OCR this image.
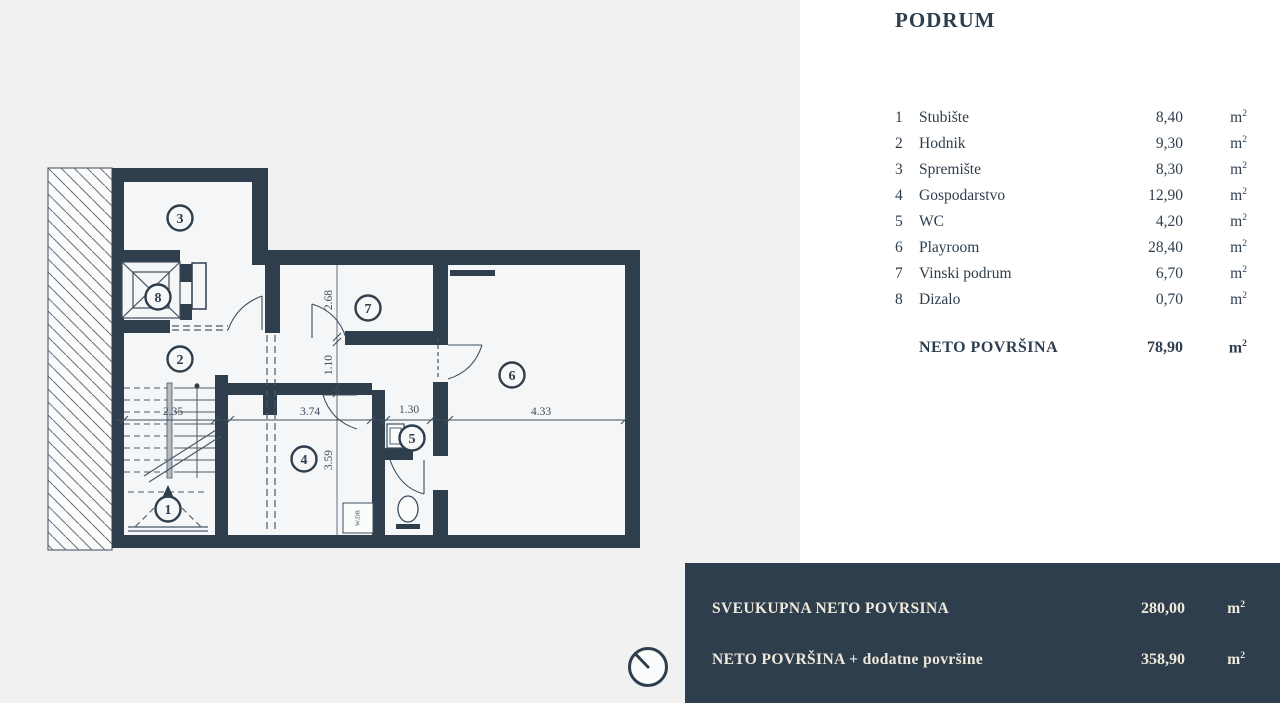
W.DR
2.35	3.74	1.30	4.33
2.68
1.10
3.59
1
2
3
4
5
6
7
8
PODRUM
1	Stubište	8,40	$m^2$
2	Hodnik	9,30	$m^2$
3	Spremište	8,30	$m^2$
4	Gospodarstvo	12,90	$m^2$
5	WC	4,20	$m^2$
6	Playroom	28,40	$m^2$
7	Vinski podrum	6,70	$m^2$
8	Dizalo	0,70	$m^2$
NETO POVRŠINA	78,90	$m^2$
SVEUKUPNA NETO POVRSINA	280,00	$m^2$
NETO POVRŠINA + dodatne površine	358,90	$m^2$
